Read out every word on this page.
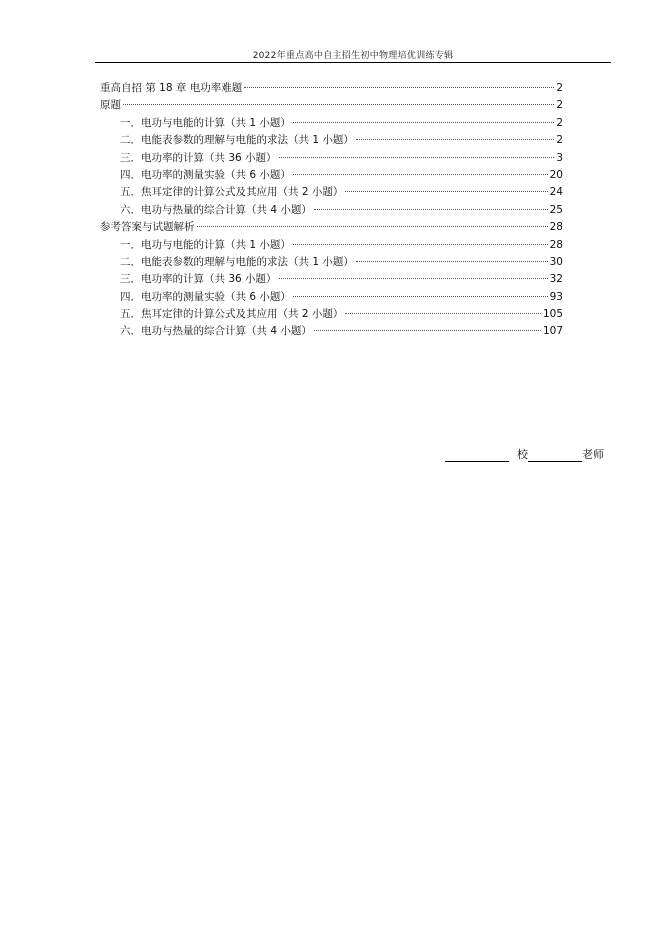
2022年重点高中自主招生初中物理培优训练专辑
重高自招 第 18 章 电功率难题	2
原题	2
一．电功与电能的计算（共 1 小题）	2
二．电能表参数的理解与电能的求法（共 1 小题）	2
三．电功率的计算（共 36 小题）	3
四．电功率的测量实验（共 6 小题）	20
五．焦耳定律的计算公式及其应用（共 2 小题）	24
六．电功与热量的综合计算（共 4 小题）	25
参考答案与试题解析	28
一．电功与电能的计算（共 1 小题）	28
二．电能表参数的理解与电能的求法（共 1 小题）	30
三．电功率的计算（共 36 小题）	32
四．电功率的测量实验（共 6 小题）	93
五．焦耳定律的计算公式及其应用（共 2 小题）	105
六．电功与热量的综合计算（共 4 小题）	107
校	老师
